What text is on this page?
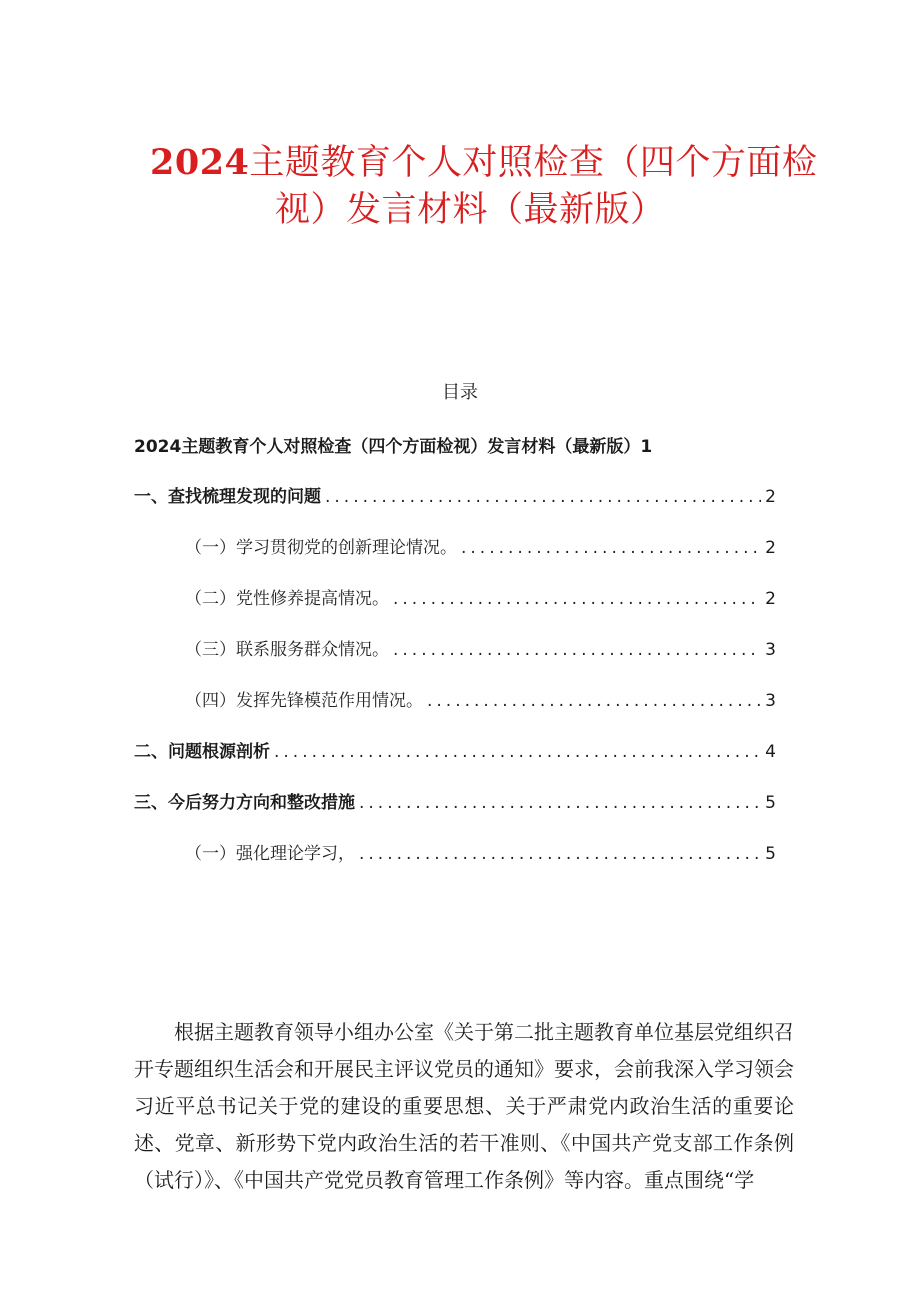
2024主题教育个人对照检查（四个方面检
视）发言材料（最新版）
目录
2024主题教育个人对照检查（四个方面检视）发言材料（最新版）1
一、查找梳理发现的问题 .....	2
（一）学习贯彻党的创新理论情况。 .....	2
（二）党性修养提高情况。 .....	2
（三）联系服务群众情况。 .....	3
（四）发挥先锋模范作用情况。 .....	3
二、问题根源剖析 .....	4
三、今后努力方向和整改措施 .....	5
（一）强化理论学习， .....	5

根据主题教育领导小组办公室《关于第二批主题教育单位基层党组织召开专题组织生活会和开展民主评议党员的通知》要求，会前我深入学习领会习近平总书记关于党的建设的重要思想、关于严肃党内政治生活的重要论述、党章、新形势下党内政治生活的若干准则、《中国共产党支部工作条例（试行）》、《中国共产党党员教育管理工作条例》等内容。重点围绕“学
